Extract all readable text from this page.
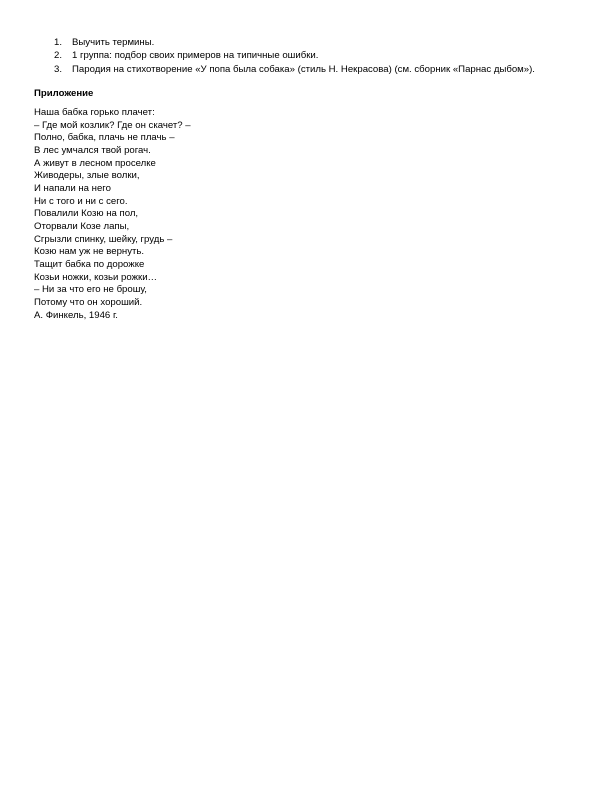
1. Выучить термины.
2. 1 группа: подбор своих примеров на типичные ошибки.
3. Пародия на стихотворение «У попа была собака» (стиль Н. Некрасова) (см. сборник «Парнас дыбом»).
Приложение
Наша бабка горько плачет:
– Где мой козлик? Где он скачет? –
Полно, бабка, плачь не плачь –
В лес умчался твой рогач.
А живут в лесном проселке
Живодеры, злые волки,
И напали на него
Ни с того и ни с сего.
Повалили Козю на пол,
Оторвали Козе лапы,
Сгрызли спинку, шейку, грудь –
Козю нам уж не вернуть.
Тащит бабка по дорожке
Козьи ножки, козьи рожки…
– Ни за что его не брошу,
Потому что он хороший.
А. Финкель, 1946 г.
